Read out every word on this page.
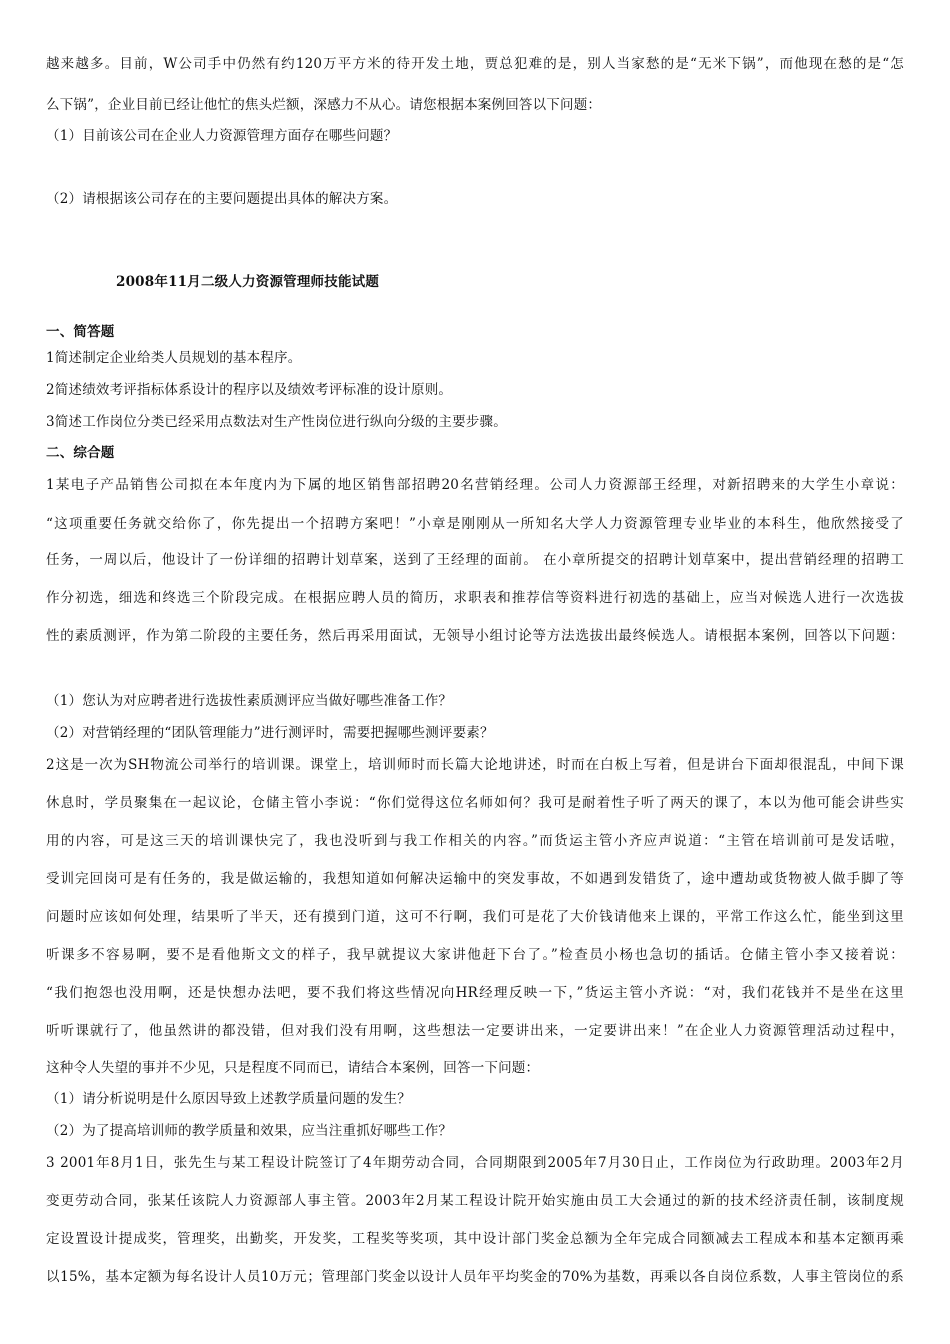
越来越多。目前，W公司手中仍然有约120万平方米的待开发土地，贾总犯难的是，别人当家愁的是“无米下锅”，而他现在愁的是“怎
么下锅”，企业目前已经让他忙的焦头烂额，深感力不从心。请您根据本案例回答以下问题：
（1）目前该公司在企业人力资源管理方面存在哪些问题？
（2）请根据该公司存在的主要问题提出具体的解决方案。
2008年11月二级人力资源管理师技能试题
一、简答题
1简述制定企业给类人员规划的基本程序。
2简述绩效考评指标体系设计的程序以及绩效考评标准的设计原则。
3简述工作岗位分类已经采用点数法对生产性岗位进行纵向分级的主要步骤。
二、综合题
1某电子产品销售公司拟在本年度内为下属的地区销售部招聘20名营销经理。公司人力资源部王经理，对新招聘来的大学生小章说：
“这项重要任务就交给你了，你先提出一个招聘方案吧！”小章是刚刚从一所知名大学人力资源管理专业毕业的本科生，他欣然接受了
任务，一周以后，他设计了一份详细的招聘计划草案，送到了王经理的面前。 在小章所提交的招聘计划草案中，提出营销经理的招聘工
作分初选，细选和终选三个阶段完成。在根据应聘人员的简历，求职表和推荐信等资料进行初选的基础上，应当对候选人进行一次选拔
性的素质测评，作为第二阶段的主要任务，然后再采用面试，无领导小组讨论等方法选拔出最终候选人。请根据本案例，回答以下问题：
（1）您认为对应聘者进行选拔性素质测评应当做好哪些准备工作？
（2）对营销经理的“团队管理能力”进行测评时，需要把握哪些测评要素？
2这是一次为SH物流公司举行的培训课。课堂上，培训师时而长篇大论地讲述，时而在白板上写着，但是讲台下面却很混乱，中间下课
休息时，学员聚集在一起议论，仓储主管小李说：“你们觉得这位名师如何？我可是耐着性子听了两天的课了，本以为他可能会讲些实
用的内容，可是这三天的培训课快完了，我也没听到与我工作相关的内容。”而货运主管小齐应声说道：“主管在培训前可是发话啦，
受训完回岗可是有任务的，我是做运输的，我想知道如何解决运输中的突发事故，不如遇到发错货了，途中遭劫或货物被人做手脚了等
问题时应该如何处理，结果听了半天，还有摸到门道，这可不行啊，我们可是花了大价钱请他来上课的，平常工作这么忙，能坐到这里
听课多不容易啊，要不是看他斯文文的样子，我早就提议大家讲他赶下台了。”检查员小杨也急切的插话。仓储主管小李又接着说：
“我们抱怨也没用啊，还是快想办法吧，要不我们将这些情况向HR经理反映一下，”货运主管小齐说：“对，我们花钱并不是坐在这里
听听课就行了，他虽然讲的都没错，但对我们没有用啊，这些想法一定要讲出来，一定要讲出来！”在企业人力资源管理活动过程中，
这种令人失望的事并不少见，只是程度不同而已，请结合本案例，回答一下问题：
（1）请分析说明是什么原因导致上述教学质量问题的发生？
（2）为了提高培训师的教学质量和效果，应当注重抓好哪些工作？
3 2001年8月1日，张先生与某工程设计院签订了4年期劳动合同，合同期限到2005年7月30日止，工作岗位为行政助理。2003年2月
变更劳动合同，张某任该院人力资源部人事主管。2003年2月某工程设计院开始实施由员工大会通过的新的技术经济责任制，该制度规
定设置设计提成奖，管理奖，出勤奖，开发奖，工程奖等奖项，其中设计部门奖金总额为全年完成合同额减去工程成本和基本定额再乘
以15%，基本定额为每名设计人员10万元；管理部门奖金以设计人员年平均奖金的70%为基数，再乘以各自岗位系数，人事主管岗位的系
